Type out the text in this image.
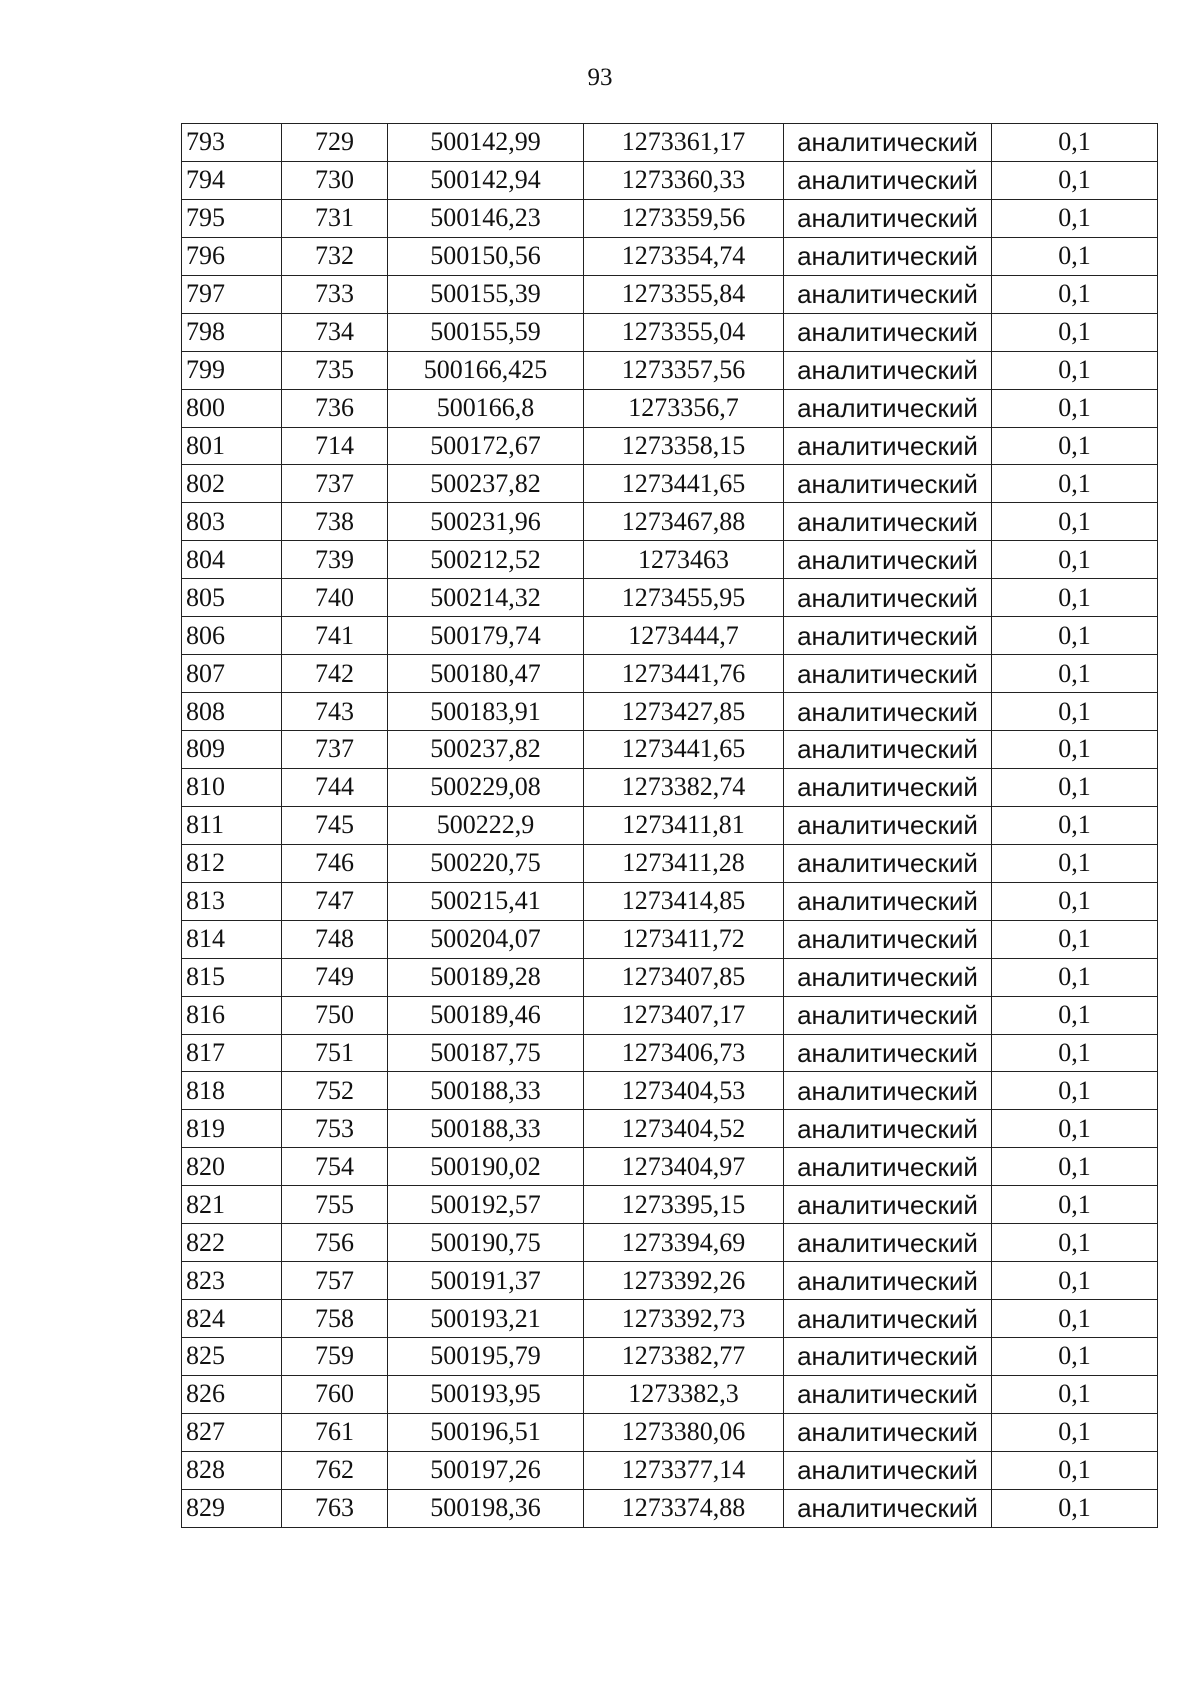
93
793	729	500142,99	1273361,17	аналитический	0,1
794	730	500142,94	1273360,33	аналитический	0,1
795	731	500146,23	1273359,56	аналитический	0,1
796	732	500150,56	1273354,74	аналитический	0,1
797	733	500155,39	1273355,84	аналитический	0,1
798	734	500155,59	1273355,04	аналитический	0,1
799	735	500166,425	1273357,56	аналитический	0,1
800	736	500166,8	1273356,7	аналитический	0,1
801	714	500172,67	1273358,15	аналитический	0,1
802	737	500237,82	1273441,65	аналитический	0,1
803	738	500231,96	1273467,88	аналитический	0,1
804	739	500212,52	1273463	аналитический	0,1
805	740	500214,32	1273455,95	аналитический	0,1
806	741	500179,74	1273444,7	аналитический	0,1
807	742	500180,47	1273441,76	аналитический	0,1
808	743	500183,91	1273427,85	аналитический	0,1
809	737	500237,82	1273441,65	аналитический	0,1
810	744	500229,08	1273382,74	аналитический	0,1
811	745	500222,9	1273411,81	аналитический	0,1
812	746	500220,75	1273411,28	аналитический	0,1
813	747	500215,41	1273414,85	аналитический	0,1
814	748	500204,07	1273411,72	аналитический	0,1
815	749	500189,28	1273407,85	аналитический	0,1
816	750	500189,46	1273407,17	аналитический	0,1
817	751	500187,75	1273406,73	аналитический	0,1
818	752	500188,33	1273404,53	аналитический	0,1
819	753	500188,33	1273404,52	аналитический	0,1
820	754	500190,02	1273404,97	аналитический	0,1
821	755	500192,57	1273395,15	аналитический	0,1
822	756	500190,75	1273394,69	аналитический	0,1
823	757	500191,37	1273392,26	аналитический	0,1
824	758	500193,21	1273392,73	аналитический	0,1
825	759	500195,79	1273382,77	аналитический	0,1
826	760	500193,95	1273382,3	аналитический	0,1
827	761	500196,51	1273380,06	аналитический	0,1
828	762	500197,26	1273377,14	аналитический	0,1
829	763	500198,36	1273374,88	аналитический	0,1
